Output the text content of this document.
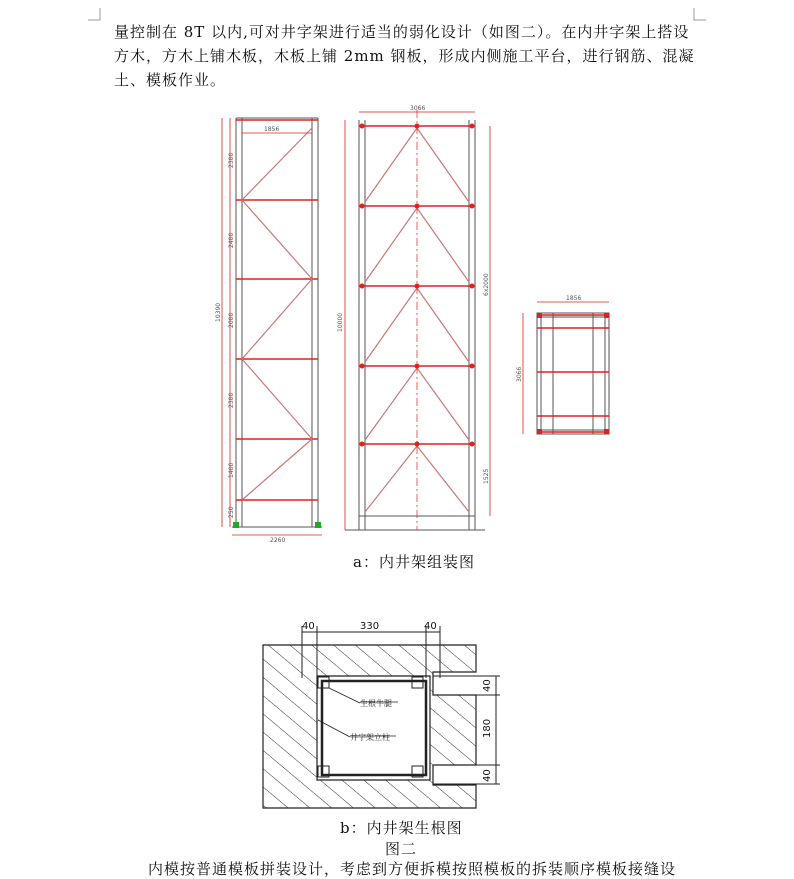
量控制在 8T 以内,可对井字架进行适当的弱化设计（如图二）。在内井字架上搭设
方木，方木上铺木板，木板上铺 2mm 钢板，形成内侧施工平台，进行钢筋、混凝
土、模板作业。
1856
2260
10390
2300
2400
2000
2300
1400
250
3066
10000
6x2000
1525
1856
3066
a：内井架组装图
40	330	40
40
180
40
生根牛腿
井字架立柱
b：内井架生根图
图二
内模按普通模板拼装设计，考虑到方便拆模按照模板的拆装顺序模板接缝设
